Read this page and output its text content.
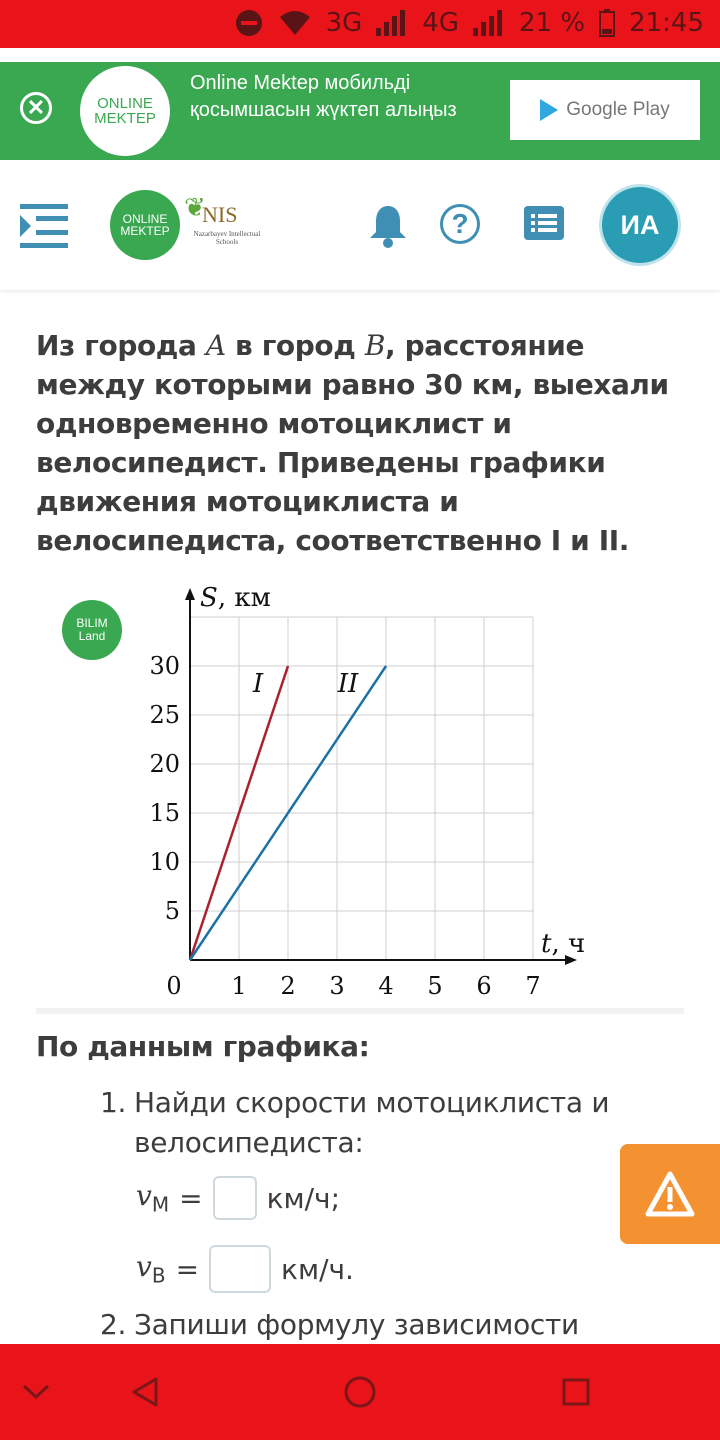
3G 4G 21 % 21:45
✕	ONLINE
MEKTEP
Online Mektep мобильді қосымшасын жүктеп алыңыз	Google Play
ONLINE
MEKTEP
❦
NIS
Nazarbayev Intellectual Schools
?	ИА
Из города A в город B, расстояние между которыми равно 30 км, выехали одновременно мотоциклист и велосипедист. Приведены графики движения мотоциклиста и велосипедиста, соответственно I и II.
BILIM
Land
1 2 3 4 5 6 7
5
10
15
20
25
30
0
S, км
t, ч
I	II
По данным графика:
1. Найди скорости мотоциклиста и велосипедиста:
$v_М = км/ч$;
$v_В$ =	км/ч.
2. Запиши формулу зависимости
